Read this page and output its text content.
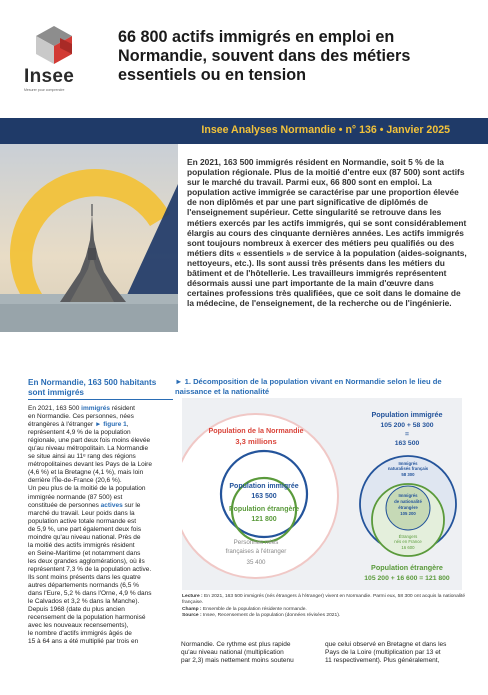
Insee
Mesurer pour comprendre
66 800 actifs immigrés en emploi en Normandie, souvent dans des métiers essentiels ou en tension
Insee Analyses Normandie • n° 136 • Janvier 2025
En 2021, 163 500 immigrés résident en Normandie, soit 5 % de la population régionale. Plus de la moitié d'entre eux (87 500) sont actifs sur le marché du travail. Parmi eux, 66 800 sont en emploi. La population active immigrée se caractérise par une proportion élevée de non diplômés et par une part significative de diplômés de l'enseignement supérieur. Cette singularité se retrouve dans les métiers exercés par les actifs immigrés, qui se sont considérablement élargis au cours des cinquante dernières années. Les actifs immigrés sont toujours nombreux à exercer des métiers peu qualifiés ou des métiers dits « essentiels » de service à la population (aides-soignants, nettoyeurs, etc.). Ils sont aussi très présents dans les métiers du bâtiment et de l'hôtellerie. Les travailleurs immigrés représentent désormais aussi une part importante de la main d'œuvre dans certaines professions très qualifiées, que ce soit dans le domaine de la médecine, de l'enseignement, de la recherche ou de l'ingénierie.
En Normandie, 163 500 habitants sont immigrés
En 2021, 163 500 immigrés résident
en Normandie. Ces personnes, nées
étrangères à l'étranger ► figure 1,
représentent 4,9 % de la population
régionale, une part deux fois moins élevée
qu'au niveau métropolitain. La Normandie
se situe ainsi au 11ᵉ rang des régions
métropolitaines devant les Pays de la Loire
(4,6 %) et la Bretagne (4,1 %), mais loin
derrière l'Île-de-France (20,6 %).
Un peu plus de la moitié de la population
immigrée normande (87 500) est
constituée de personnes actives sur le
marché du travail. Leur poids dans la
population active totale normande est
de 5,9 %, une part également deux fois
moindre qu'au niveau national. Près de
la moitié des actifs immigrés résident
en Seine-Maritime (et notamment dans
les deux grandes agglomérations), où ils
représentent 7,3 % de la population active.
Ils sont moins présents dans les quatre
autres départements normands (6,5 %
dans l'Eure, 5,2 % dans l'Orne, 4,9 % dans
le Calvados et 3,2 % dans la Manche).
Depuis 1968 (date du plus ancien
recensement de la population harmonisé
avec les nouveaux recensements),
le nombre d'actifs immigrés âgés de
15 à 64 ans a été multiplié par trois en
► 1. Décomposition de la population vivant en Normandie selon le lieu de naissance et la nationalité
Population de la Normandie
3,3 millions
Population immigrée
163 500
Population étrangère
121 800
Personnes nées
françaises à l'étranger
35 400
Population immigrée
105 200 + 58 300
=
163 500
Immigrés
naturalisés français
58 300
Immigrés
de nationalité
étrangère
105 200
Étrangers
nés en France
16 600
Population étrangère
105 200 + 16 600 = 121 800
Lecture : En 2021, 163 500 immigrés (nés étrangers à l'étranger) vivent en Normandie. Parmi eux, 58 300 ont acquis la nationalité française.
Champ : Ensemble de la population résidente normande.
Source : Insee, Recensement de la population (données révisées 2021).
Normandie. Ce rythme est plus rapide
qu'au niveau national (multiplication
par 2,3) mais nettement moins soutenu
que celui observé en Bretagne et dans les
Pays de la Loire (multiplication par 13 et
11 respectivement). Plus généralement,
